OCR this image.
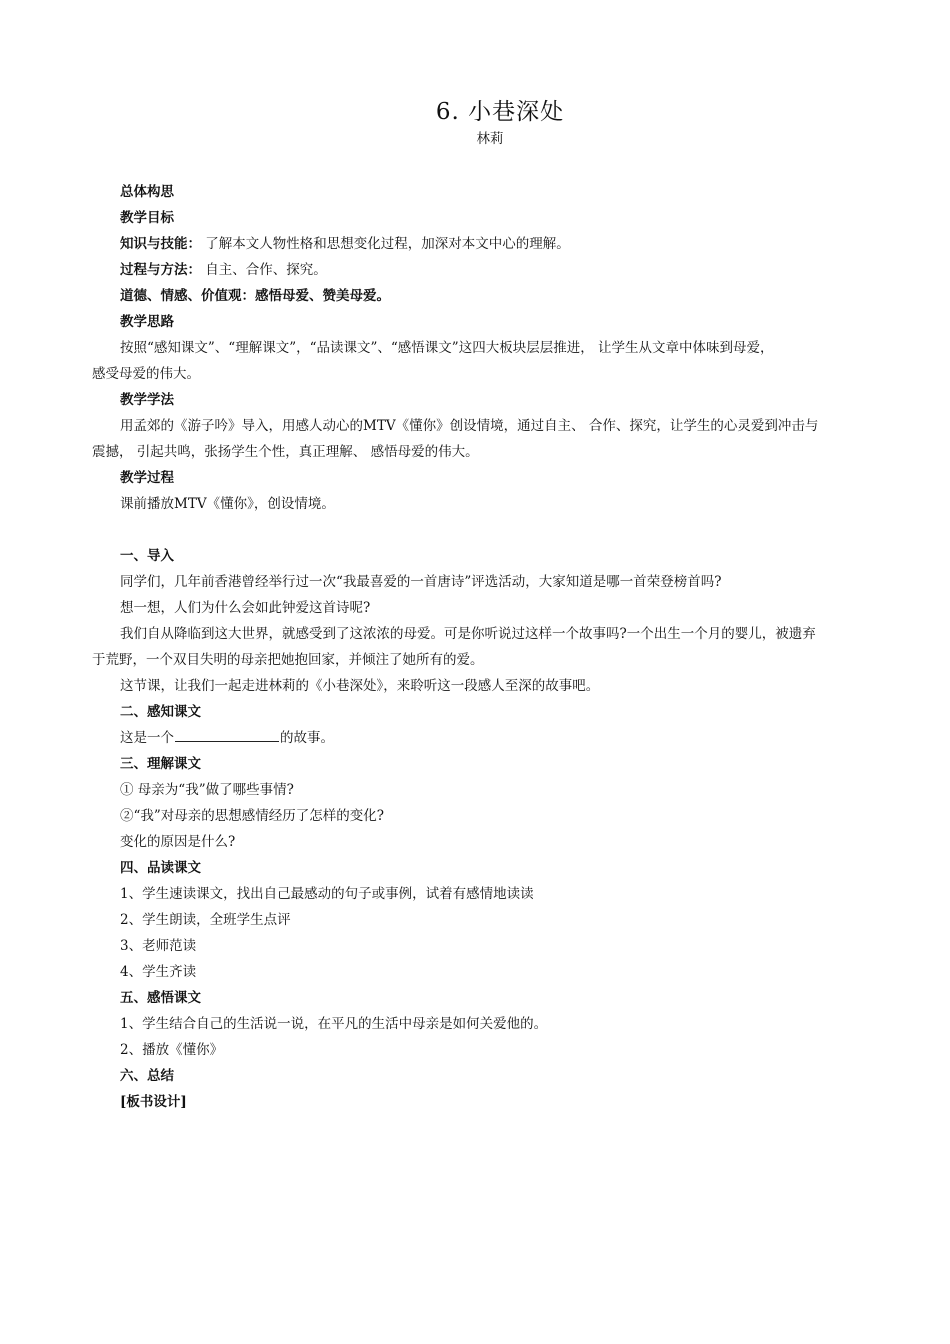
6. 小巷深处
林莉
总体构思
教学目标
知识与技能： 了解本文人物性格和思想变化过程，加深对本文中心的理解。
过程与方法： 自主、合作、探究。
道德、情感、价值观：感悟母爱、赞美母爱。
教学思路
按照“感知课文”、“理解课文”，“品读课文”、“感悟课文”这四大板块层层推进， 让学生从文章中体味到母爱，
感受母爱的伟大。
教学学法
用孟郊的《游子吟》导入，用感人动心的MTV《懂你》创设情境，通过自主、 合作、探究，让学生的心灵爱到冲击与
震撼， 引起共鸣，张扬学生个性，真正理解、 感悟母爱的伟大。
教学过程
课前播放MTV《懂你》，创设情境。
一、导入
同学们，几年前香港曾经举行过一次“我最喜爱的一首唐诗”评选活动，大家知道是哪一首荣登榜首吗?
想一想，人们为什么会如此钟爱这首诗呢?
我们自从降临到这大世界，就感受到了这浓浓的母爱。可是你听说过这样一个故事吗?一个出生一个月的婴儿，被遗弃
于荒野，一个双目失明的母亲把她抱回家，并倾注了她所有的爱。
这节课，让我们一起走进林莉的《小巷深处》，来聆听这一段感人至深的故事吧。
二、感知课文
这是一个	的故事。
三、理解课文
① 母亲为“我”做了哪些事情?
②“我”对母亲的思想感情经历了怎样的变化?
变化的原因是什么?
四、品读课文
1、学生速读课文，找出自己最感动的句子或事例，试着有感情地读读
2、学生朗读，全班学生点评
3、老师范读
4、学生齐读
五、感悟课文
1、学生结合自己的生活说一说，在平凡的生活中母亲是如何关爱他的。
2、播放《懂你》
六、总结
[板书设计]
